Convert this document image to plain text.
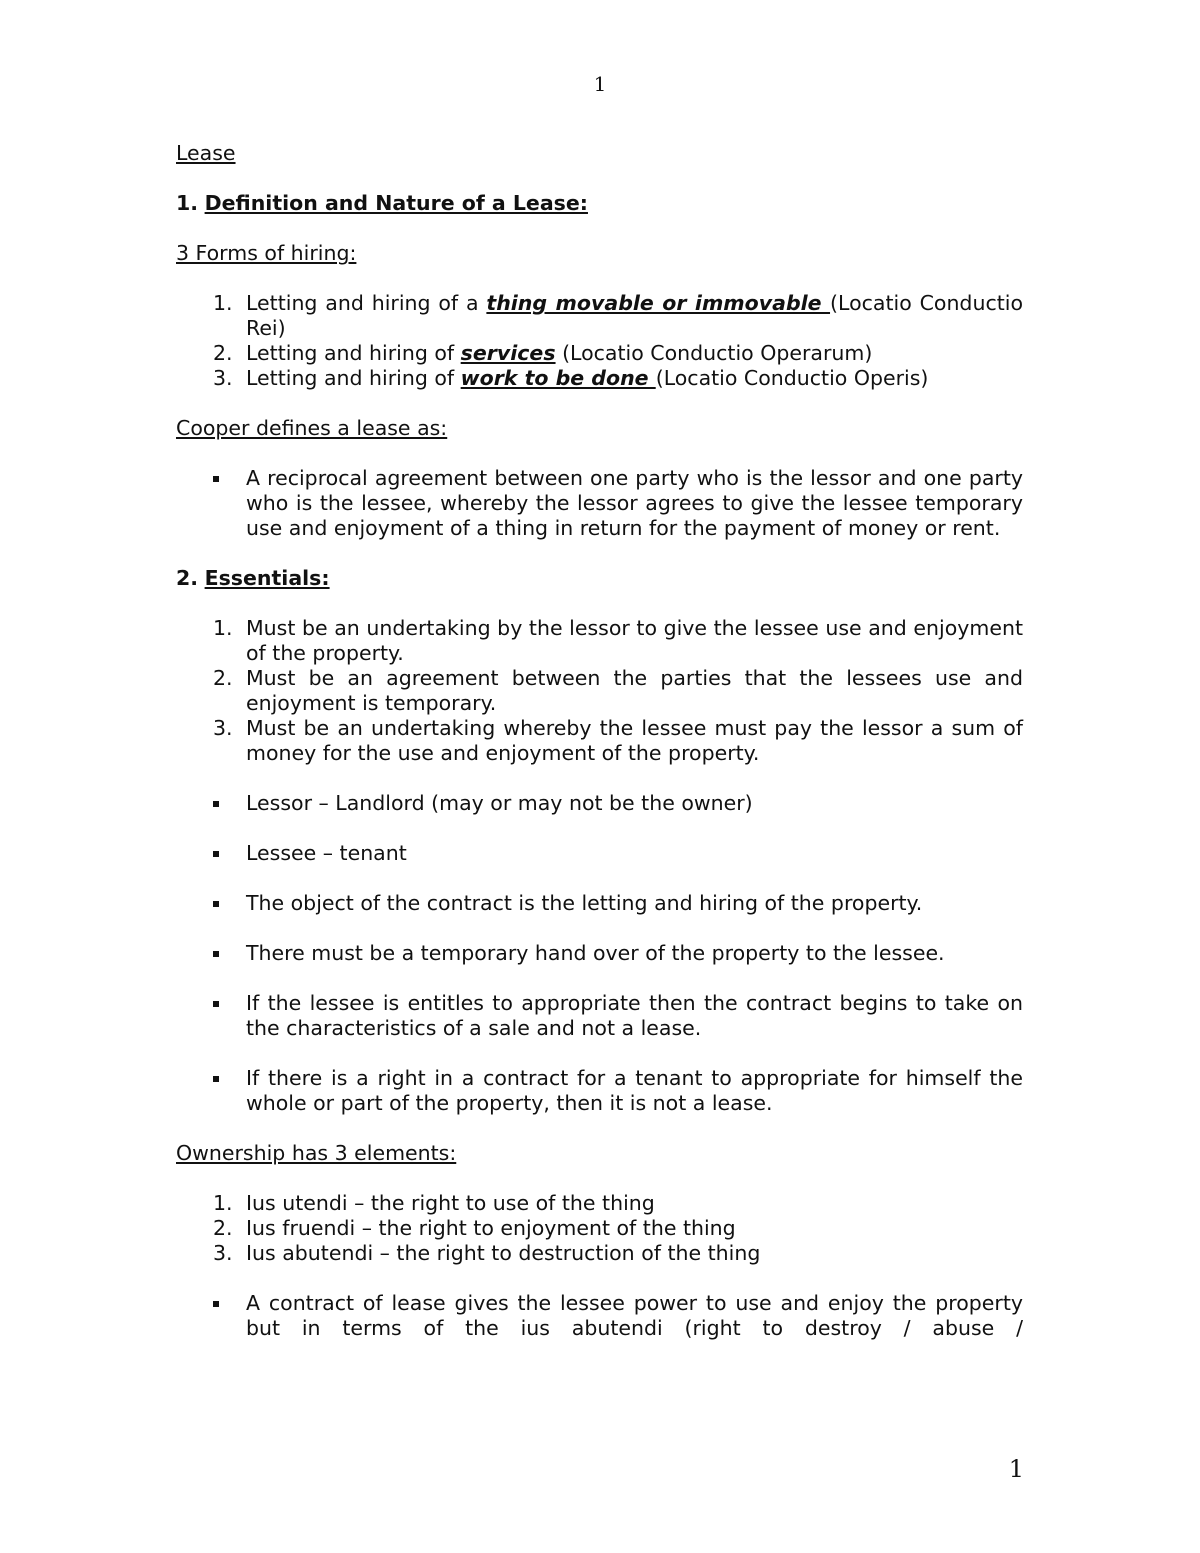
1

Lease

1. Definition and Nature of a Lease:

3 Forms of hiring:

1. Letting and hiring of a thing movable or immovable (Locatio Conductio Rei)
2. Letting and hiring of services (Locatio Conductio Operarum)
3. Letting and hiring of work to be done (Locatio Conductio Operis)

Cooper defines a lease as:

A reciprocal agreement between one party who is the lessor and one party who is the lessee, whereby the lessor agrees to give the lessee temporary use and enjoyment of a thing in return for the payment of money or rent.

2. Essentials:

1. Must be an undertaking by the lessor to give the lessee use and enjoyment of the property.
2. Must be an agreement between the parties that the lessees use and enjoyment is temporary.
3. Must be an undertaking whereby the lessee must pay the lessor a sum of money for the use and enjoyment of the property.
Lessor – Landlord (may or may not be the owner)
Lessee – tenant
The object of the contract is the letting and hiring of the property.
There must be a temporary hand over of the property to the lessee.
If the lessee is entitles to appropriate then the contract begins to take on the characteristics of a sale and not a lease.
If there is a right in a contract for a tenant to appropriate for himself the whole or part of the property, then it is not a lease.

Ownership has 3 elements:

1. Ius utendi – the right to use of the thing
2. Ius fruendi – the right to enjoyment of the thing
3. Ius abutendi – the right to destruction of the thing
A contract of lease gives the lessee power to use and enjoy the property but in terms of the ius abutendi (right to destroy / abuse /
1
